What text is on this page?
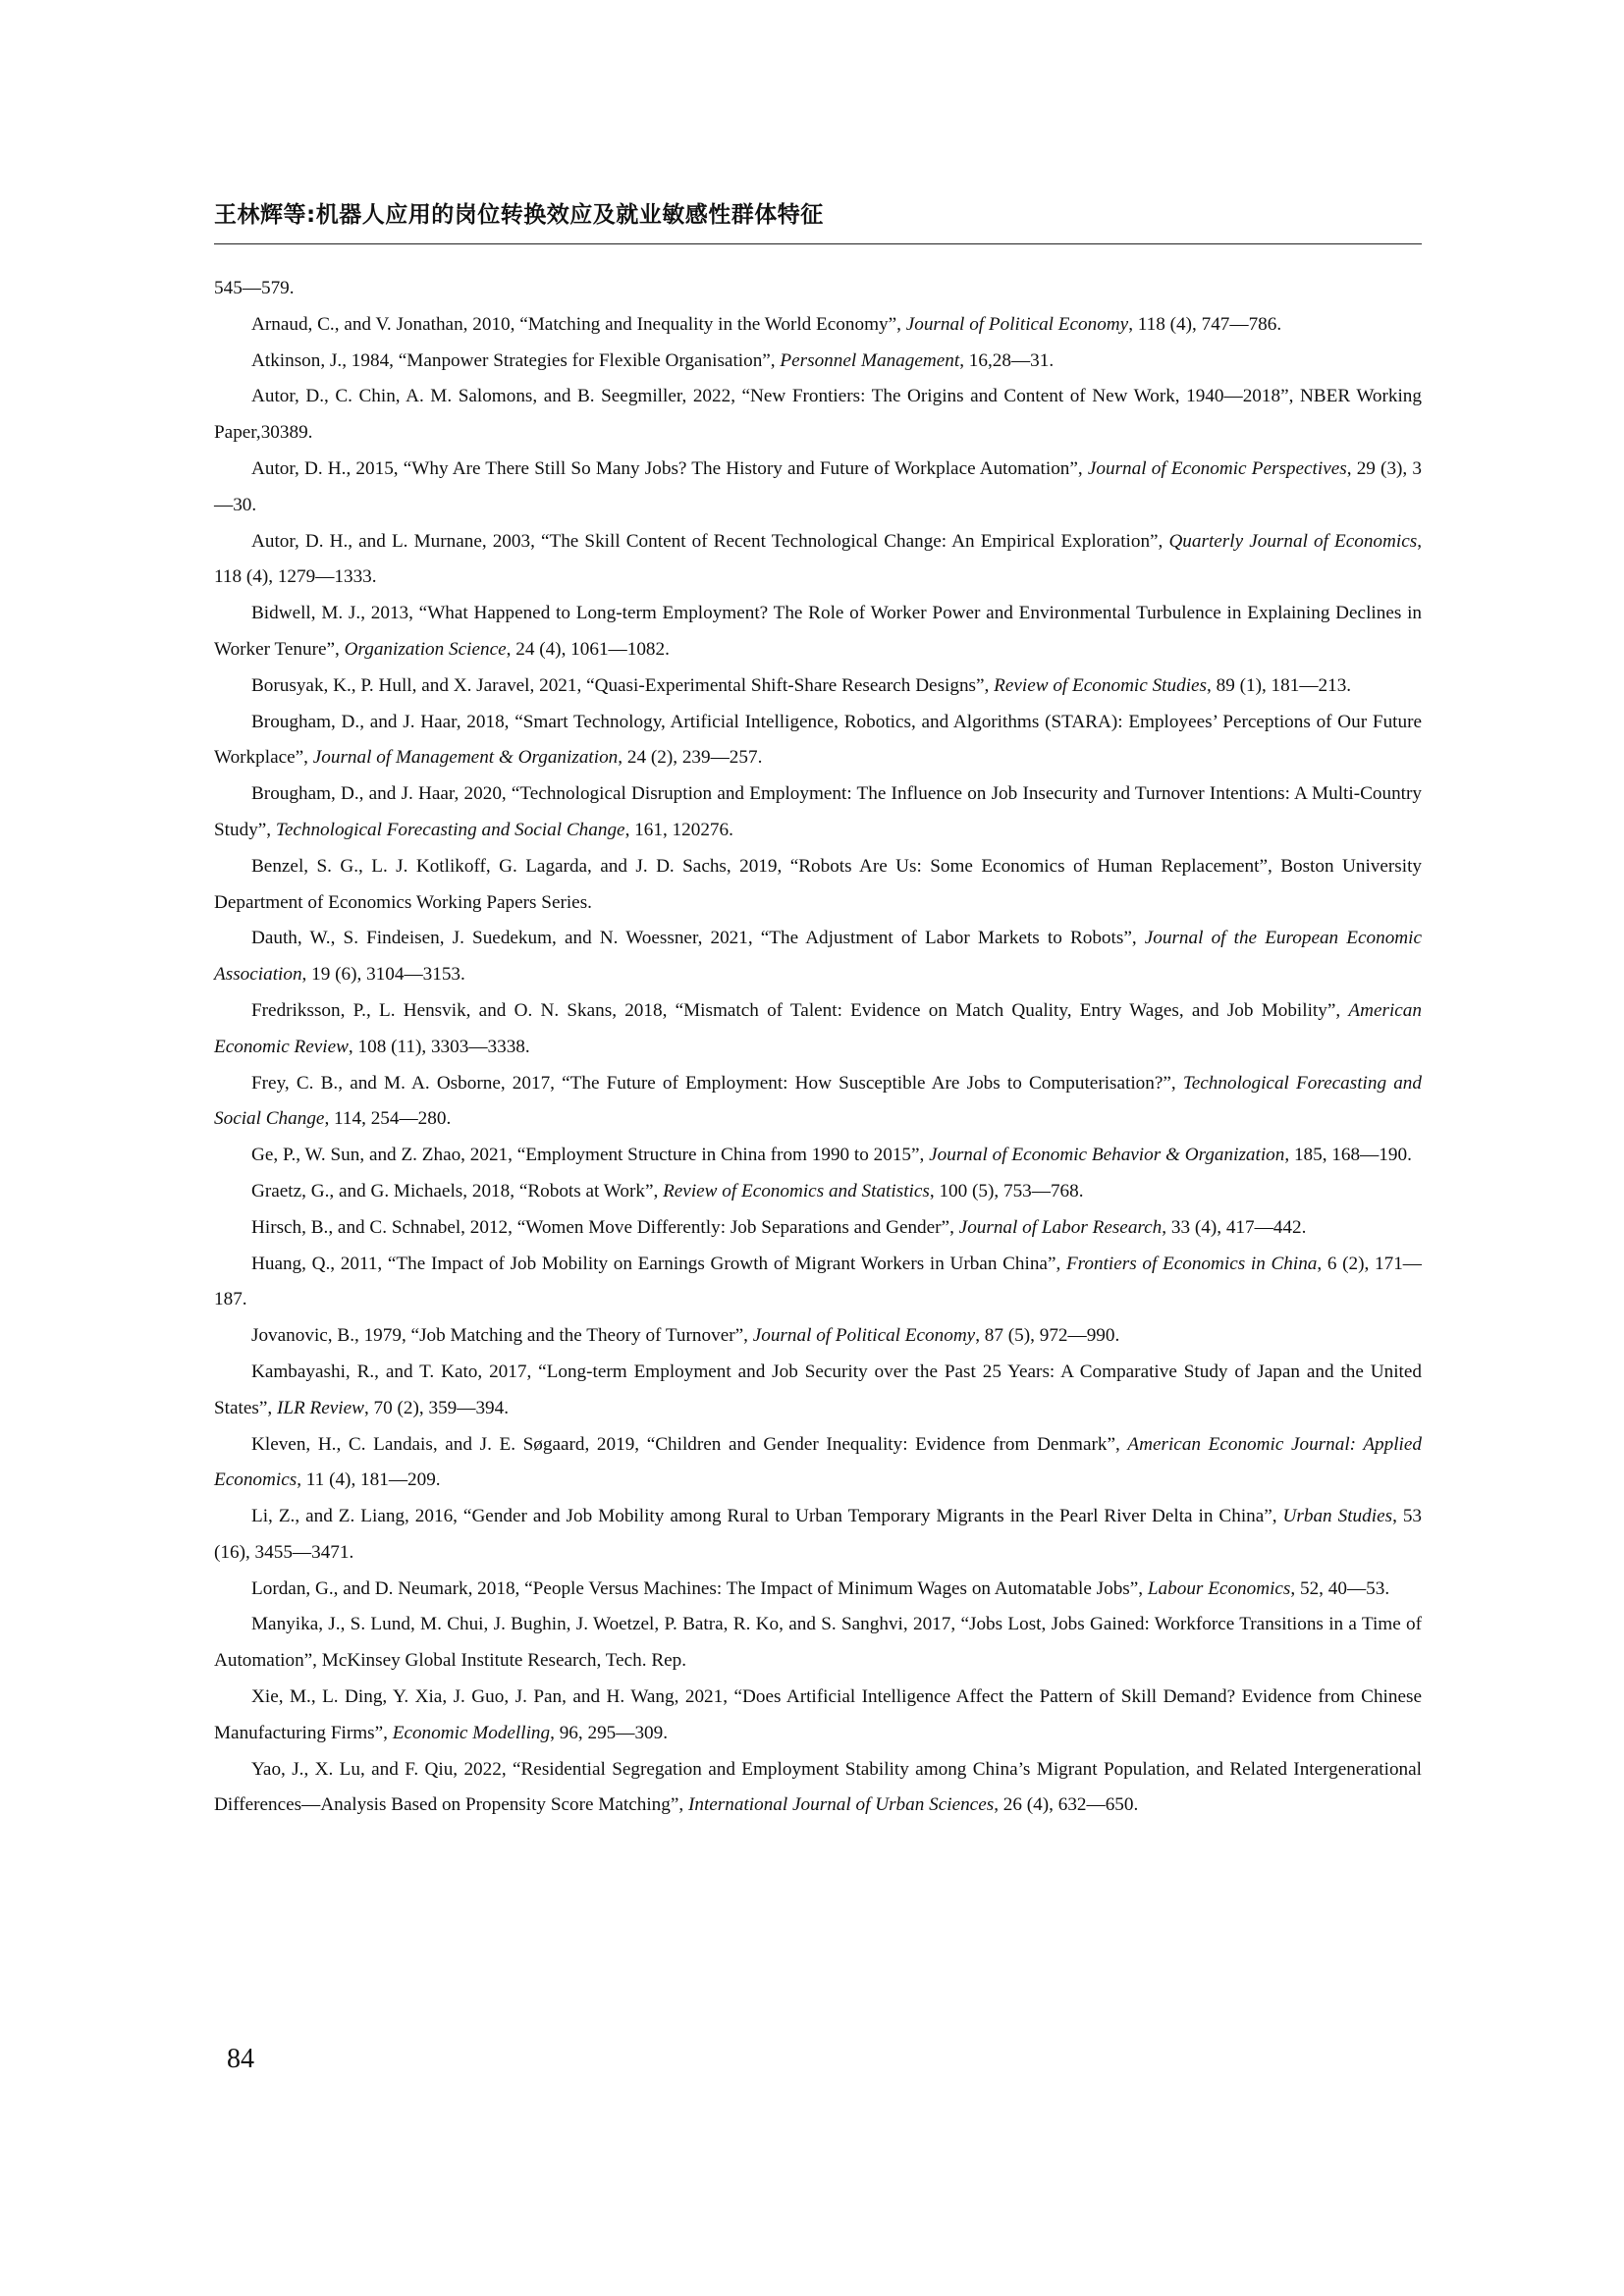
王林辉等:机器人应用的岗位转换效应及就业敏感性群体特征

545—579.

Arnaud, C., and V. Jonathan, 2010, “Matching and Inequality in the World Economy”, Journal of Political Economy, 118 (4), 747—786.

Atkinson, J., 1984, “Manpower Strategies for Flexible Organisation”, Personnel Management, 16,28—31.

Autor, D., C. Chin, A. M. Salomons, and B. Seegmiller, 2022, “New Frontiers: The Origins and Content of New Work, 1940—2018”, NBER Working Paper,30389.

Autor, D. H., 2015, “Why Are There Still So Many Jobs? The History and Future of Workplace Automation”, Journal of Economic Perspectives, 29 (3), 3—30.

Autor, D. H., and L. Murnane, 2003, “The Skill Content of Recent Technological Change: An Empirical Exploration”, Quarterly Journal of Economics, 118 (4), 1279—1333.

Bidwell, M. J., 2013, “What Happened to Long-term Employment? The Role of Worker Power and Environmental Turbulence in Explaining Declines in Worker Tenure”, Organization Science, 24 (4), 1061—1082.

Borusyak, K., P. Hull, and X. Jaravel, 2021, “Quasi-Experimental Shift-Share Research Designs”, Review of Economic Studies, 89 (1), 181—213.

Brougham, D., and J. Haar, 2018, “Smart Technology, Artificial Intelligence, Robotics, and Algorithms (STARA): Employees’ Perceptions of Our Future Workplace”, Journal of Management & Organization, 24 (2), 239—257.

Brougham, D., and J. Haar, 2020, “Technological Disruption and Employment: The Influence on Job Insecurity and Turnover Intentions: A Multi-Country Study”, Technological Forecasting and Social Change, 161, 120276.

Benzel, S. G., L. J. Kotlikoff, G. Lagarda, and J. D. Sachs, 2019, “Robots Are Us: Some Economics of Human Replacement”, Boston University Department of Economics Working Papers Series.

Dauth, W., S. Findeisen, J. Suedekum, and N. Woessner, 2021, “The Adjustment of Labor Markets to Robots”, Journal of the European Economic Association, 19 (6), 3104—3153.

Fredriksson, P., L. Hensvik, and O. N. Skans, 2018, “Mismatch of Talent: Evidence on Match Quality, Entry Wages, and Job Mobility”, American Economic Review, 108 (11), 3303—3338.

Frey, C. B., and M. A. Osborne, 2017, “The Future of Employment: How Susceptible Are Jobs to Computerisation?”, Technological Forecasting and Social Change, 114, 254—280.

Ge, P., W. Sun, and Z. Zhao, 2021, “Employment Structure in China from 1990 to 2015”, Journal of Economic Behavior & Organization, 185, 168—190.

Graetz, G., and G. Michaels, 2018, “Robots at Work”, Review of Economics and Statistics, 100 (5), 753—768.

Hirsch, B., and C. Schnabel, 2012, “Women Move Differently: Job Separations and Gender”, Journal of Labor Research, 33 (4), 417—442.

Huang, Q., 2011, “The Impact of Job Mobility on Earnings Growth of Migrant Workers in Urban China”, Frontiers of Economics in China, 6 (2), 171—187.

Jovanovic, B., 1979, “Job Matching and the Theory of Turnover”, Journal of Political Economy, 87 (5), 972—990.

Kambayashi, R., and T. Kato, 2017, “Long-term Employment and Job Security over the Past 25 Years: A Comparative Study of Japan and the United States”, ILR Review, 70 (2), 359—394.

Kleven, H., C. Landais, and J. E. Søgaard, 2019, “Children and Gender Inequality: Evidence from Denmark”, American Economic Journal: Applied Economics, 11 (4), 181—209.

Li, Z., and Z. Liang, 2016, “Gender and Job Mobility among Rural to Urban Temporary Migrants in the Pearl River Delta in China”, Urban Studies, 53 (16), 3455—3471.

Lordan, G., and D. Neumark, 2018, “People Versus Machines: The Impact of Minimum Wages on Automatable Jobs”, Labour Economics, 52, 40—53.

Manyika, J., S. Lund, M. Chui, J. Bughin, J. Woetzel, P. Batra, R. Ko, and S. Sanghvi, 2017, “Jobs Lost, Jobs Gained: Workforce Transitions in a Time of Automation”, McKinsey Global Institute Research, Tech. Rep.

Xie, M., L. Ding, Y. Xia, J. Guo, J. Pan, and H. Wang, 2021, “Does Artificial Intelligence Affect the Pattern of Skill Demand? Evidence from Chinese Manufacturing Firms”, Economic Modelling, 96, 295—309.

Yao, J., X. Lu, and F. Qiu, 2022, “Residential Segregation and Employment Stability among China’s Migrant Population, and Related Intergenerational Differences—Analysis Based on Propensity Score Matching”, International Journal of Urban Sciences, 26 (4), 632—650.

84
